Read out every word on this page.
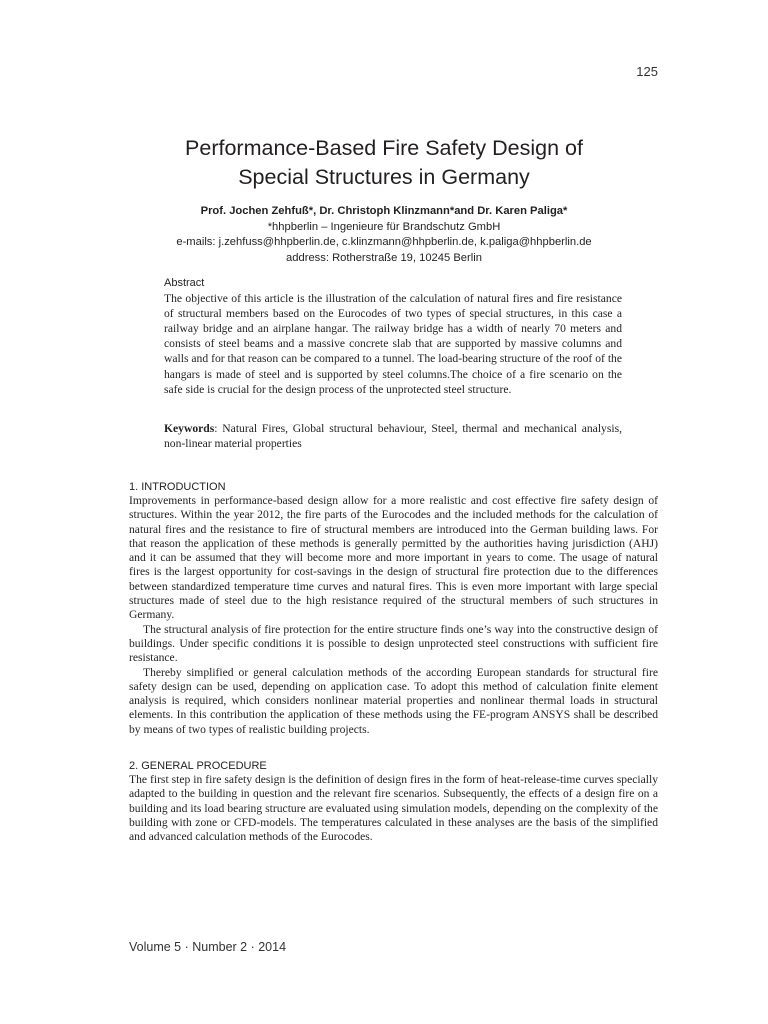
125
Performance-Based Fire Safety Design of
Special Structures in Germany
Prof. Jochen Zehfuß*, Dr. Christoph Klinzmann*and Dr. Karen Paliga*
*hhpberlin – Ingenieure für Brandschutz GmbH
e-mails: j.zehfuss@hhpberlin.de, c.klinzmann@hhpberlin.de, k.paliga@hhpberlin.de
address: Rotherstraße 19, 10245 Berlin
Abstract

The objective of this article is the illustration of the calculation of natural fires and fire resistance of structural members based on the Eurocodes of two types of special structures, in this case a railway bridge and an airplane hangar. The railway bridge has a width of nearly 70 meters and consists of steel beams and a massive concrete slab that are supported by massive columns and walls and for that reason can be compared to a tunnel. The load-bearing structure of the roof of the hangars is made of steel and is supported by steel columns.The choice of a fire scenario on the safe side is crucial for the design process of the unprotected steel structure.

Keywords: Natural Fires, Global structural behaviour, Steel, thermal and mechanical analysis, non-linear material properties

1. INTRODUCTION

Improvements in performance-based design allow for a more realistic and cost effective fire safety design of structures. Within the year 2012, the fire parts of the Eurocodes and the included methods for the calculation of natural fires and the resistance to fire of structural members are introduced into the German building laws. For that reason the application of these methods is generally permitted by the authorities having jurisdiction (AHJ) and it can be assumed that they will become more and more important in years to come. The usage of natural fires is the largest opportunity for cost-savings in the design of structural fire protection due to the differences between standardized temperature time curves and natural fires. This is even more important with large special structures made of steel due to the high resistance required of the structural members of such structures in Germany.

The structural analysis of fire protection for the entire structure finds one’s way into the constructive design of buildings. Under specific conditions it is possible to design unprotected steel constructions with sufficient fire resistance.

Thereby simplified or general calculation methods of the according European standards for structural fire safety design can be used, depending on application case. To adopt this method of calculation finite element analysis is required, which considers nonlinear material properties and nonlinear thermal loads in structural elements. In this contribution the application of these methods using the FE-program ANSYS shall be described by means of two types of realistic building projects.

2. GENERAL PROCEDURE

The first step in fire safety design is the definition of design fires in the form of heat-release-time curves specially adapted to the building in question and the relevant fire scenarios. Subsequently, the effects of a design fire on a building and its load bearing structure are evaluated using simulation models, depending on the complexity of the building with zone or CFD-models. The temperatures calculated in these analyses are the basis of the simplified and advanced calculation methods of the Eurocodes.

Volume 5 · Number 2 · 2014
